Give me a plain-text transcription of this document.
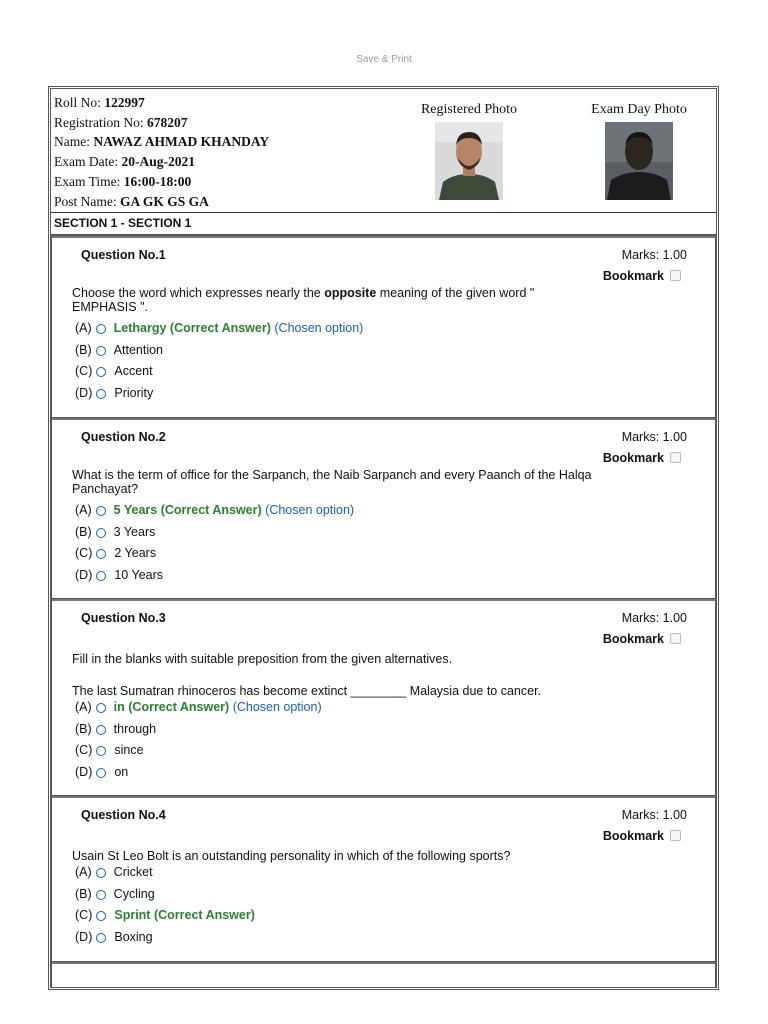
Save & Print
Roll No: 122997
Registration No: 678207
Name: NAWAZ AHMAD KHANDAY
Exam Date: 20-Aug-2021
Exam Time: 16:00-18:00
Post Name: GA GK GS GA
Registered Photo	Exam Day Photo
SECTION 1 - SECTION 1
Question No.1	Marks: 1.00
Bookmark
Choose the word which expresses nearly the opposite meaning of the given word " EMPHASIS ".
(A) Lethargy (Correct Answer) (Chosen option)
(B) Attention
(C) Accent
(D) Priority
Question No.2	Marks: 1.00
Bookmark
What is the term of office for the Sarpanch, the Naib Sarpanch and every Paanch of the Halqa Panchayat?
(A) 5 Years (Correct Answer) (Chosen option)
(B) 3 Years
(C) 2 Years
(D) 10 Years
Question No.3	Marks: 1.00
Bookmark
Fill in the blanks with suitable preposition from the given alternatives.
The last Sumatran rhinoceros has become extinct ________ Malaysia due to cancer.
(A) in (Correct Answer) (Chosen option)
(B) through
(C) since
(D) on
Question No.4	Marks: 1.00
Bookmark
Usain St Leo Bolt is an outstanding personality in which of the following sports?
(A) Cricket
(B) Cycling
(C) Sprint (Correct Answer)
(D) Boxing
